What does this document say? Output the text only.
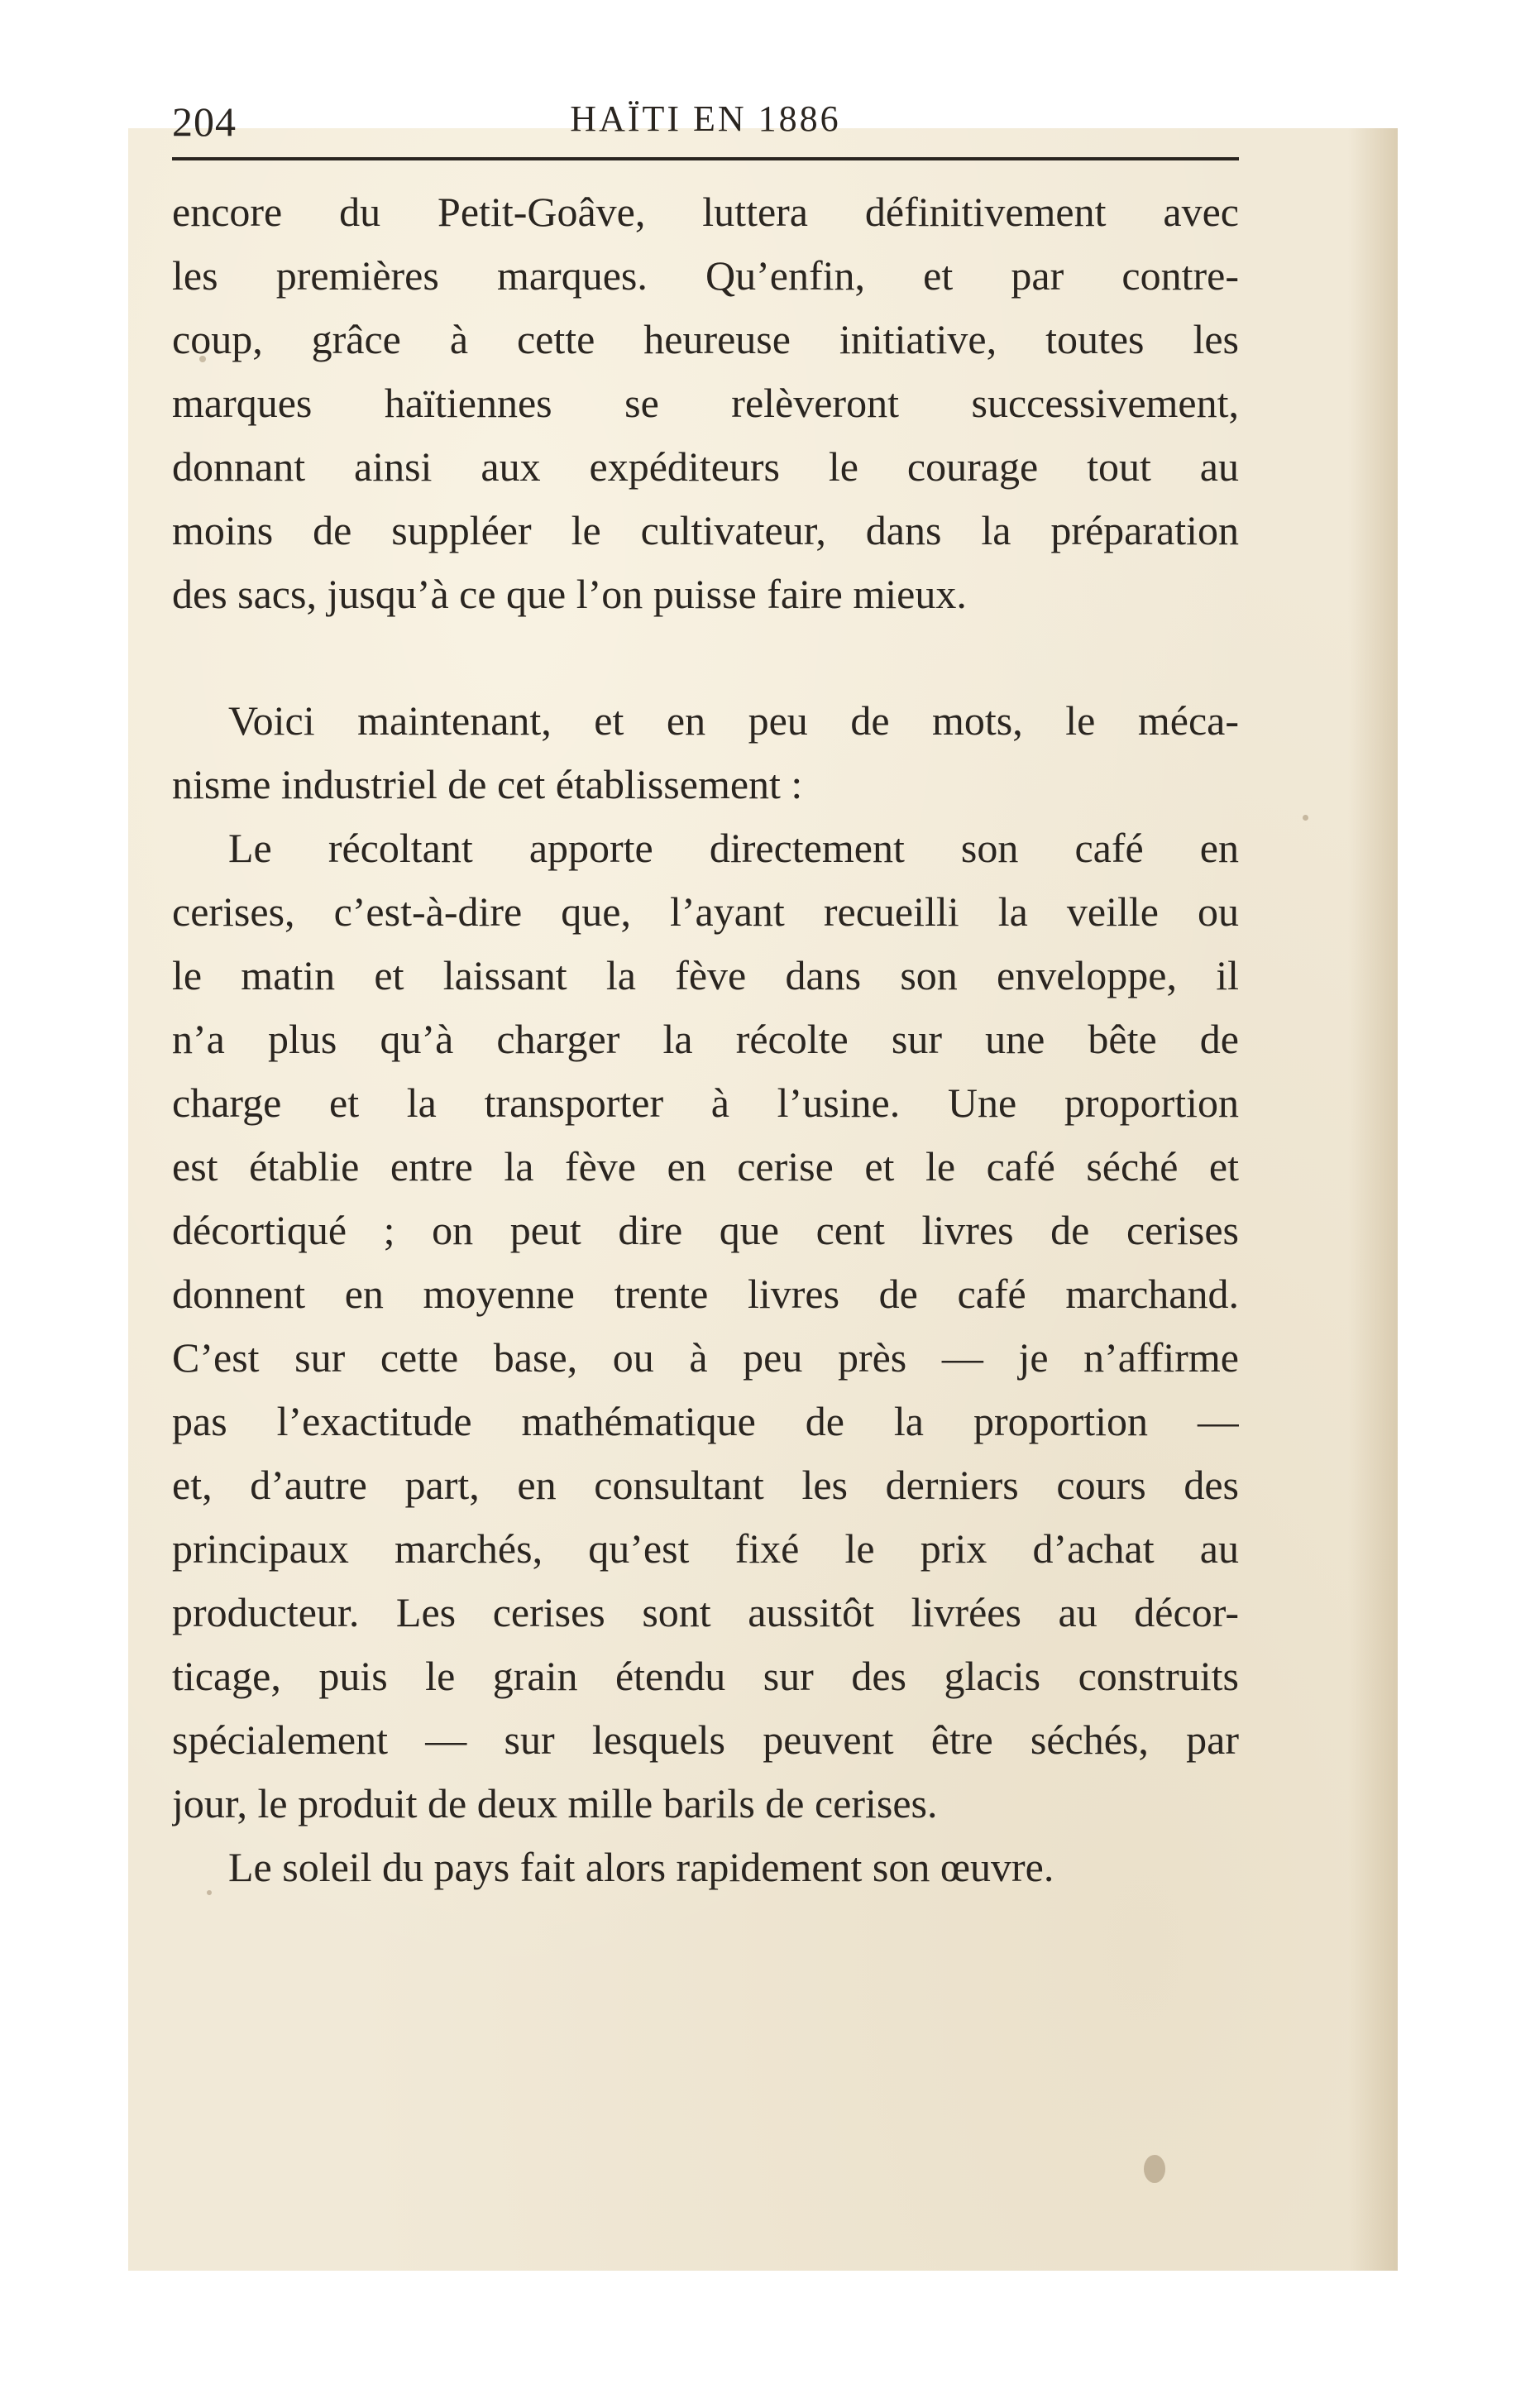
204	HAÏTI EN 1886
encore du Petit-Goâve, luttera définitivement avec
les premières marques. Qu’enfin, et par contre-
coup, grâce à cette heureuse initiative, toutes les
marques haïtiennes se relèveront successivement,
donnant ainsi aux expéditeurs le courage tout au
moins de suppléer le cultivateur, dans la préparation
des sacs, jusqu’à ce que l’on puisse faire mieux.
Voici maintenant, et en peu de mots, le méca-
nisme industriel de cet établissement :
Le récoltant apporte directement son café en
cerises, c’est-à-dire que, l’ayant recueilli la veille ou
le matin et laissant la fève dans son enveloppe, il
n’a plus qu’à charger la récolte sur une bête de
charge et la transporter à l’usine. Une proportion
est établie entre la fève en cerise et le café séché et
décortiqué ; on peut dire que cent livres de cerises
donnent en moyenne trente livres de café marchand.
C’est sur cette base, ou à peu près — je n’affirme
pas l’exactitude mathématique de la proportion —
et, d’autre part, en consultant les derniers cours des
principaux marchés, qu’est fixé le prix d’achat au
producteur. Les cerises sont aussitôt livrées au décor-
ticage, puis le grain étendu sur des glacis construits
spécialement — sur lesquels peuvent être séchés, par
jour, le produit de deux mille barils de cerises.
Le soleil du pays fait alors rapidement son œuvre.
